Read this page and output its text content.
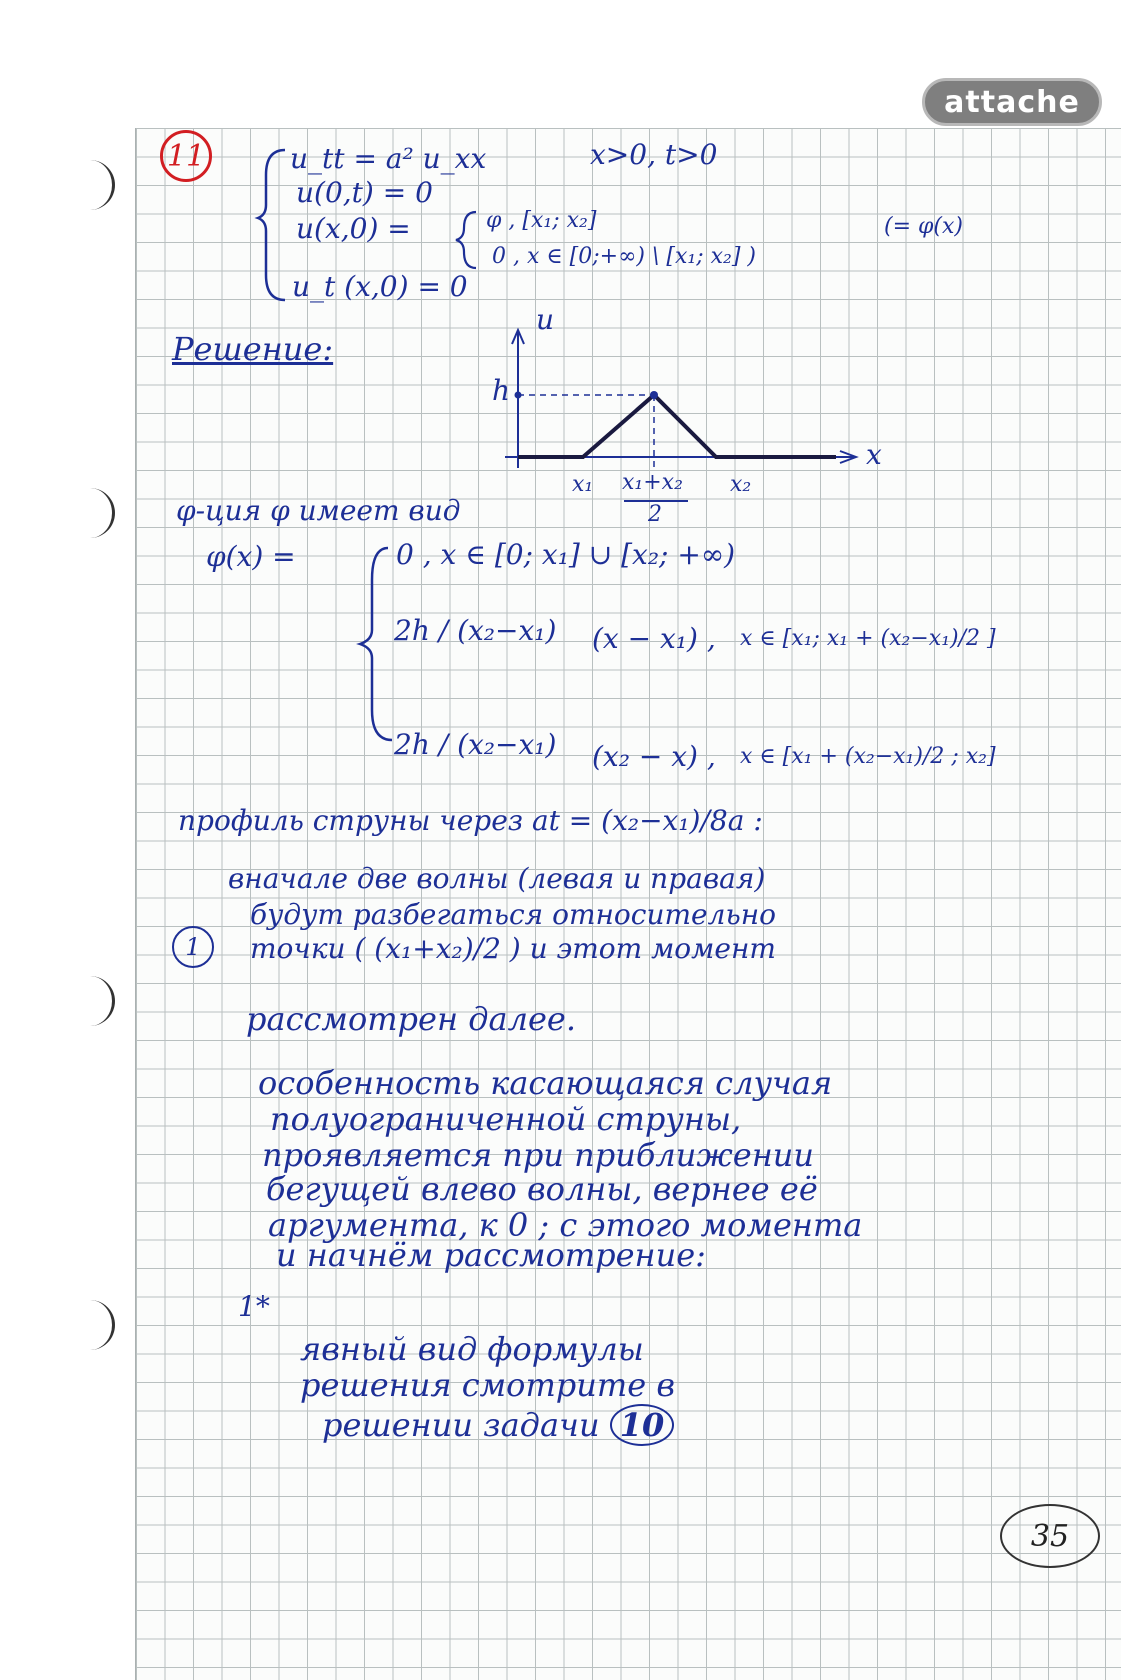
attache
11	u_tt = a² u_xx	x>0, t>0
u(0,t) = 0
u(x,0) =	φ , [x₁; x₂]
0 , x ∈ [0;+∞) \ [x₁; x₂] )
(= φ(x)
u_t (x,0) = 0
Решение:
u
x
h
x₁ x₁+x₂
2
x₂
φ-ция φ имеет вид
φ(x) =	0 , x ∈ [0; x₁] ∪ [x₂; +∞)
2h / (x₂−x₁) (x − x₁) , x ∈ [x₁; x₁ + (x₂−x₁)/2 ]
2h / (x₂−x₁) (x₂ − x) , x ∈ [x₁ + (x₂−x₁)/2 ; x₂]
профиль струны через at = (x₂−x₁)/8a :
1
вначале две волны (левая и правая)
будут разбегаться относительно
точки ( (x₁+x₂)/2 ) и этот момент
рассмотрен далее.
особенность касающаяся случая
полуограниченной струны,
проявляется при приближении
бегущей влево волны, вернее её
аргумента, к 0 ; с этого момента
и начнём рассмотрение:
1*
явный вид формулы
решения смотрите в
решении задачи 10
35
